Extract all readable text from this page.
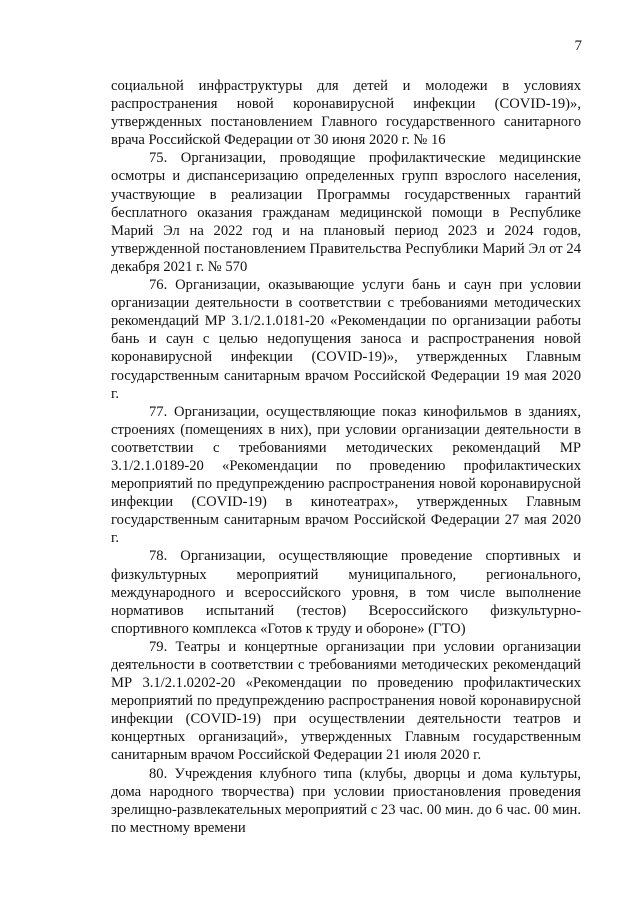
7

социальной инфраструктуры для детей и молодежи в условиях распространения новой коронавирусной инфекции (COVID-19)», утвержденных постановлением Главного государственного санитарного врача Российской Федерации от 30 июня 2020 г. № 16

75. Организации, проводящие профилактические медицинские осмотры и диспансеризацию определенных групп взрослого населения, участвующие в реализации Программы государственных гарантий бесплатного оказания гражданам медицинской помощи в Республике Марий Эл на 2022 год и на плановый период 2023 и 2024 годов, утвержденной постановлением Правительства Республики Марий Эл от 24 декабря 2021 г. № 570

76. Организации, оказывающие услуги бань и саун при условии организации деятельности в соответствии с требованиями методических рекомендаций МР 3.1/2.1.0181-20 «Рекомендации по организации работы бань и саун с целью недопущения заноса и распространения новой коронавирусной инфекции (COVID-19)», утвержденных Главным государственным санитарным врачом Российской Федерации 19 мая 2020 г.

77. Организации, осуществляющие показ кинофильмов в зданиях, строениях (помещениях в них), при условии организации деятельности в соответствии с требованиями методических рекомендаций МР 3.1/2.1.0189-20 «Рекомендации по проведению профилактических мероприятий по предупреждению распространения новой коронавирусной инфекции (COVID-19) в кинотеатрах», утвержденных Главным государственным санитарным врачом Российской Федерации 27 мая 2020 г.

78. Организации, осуществляющие проведение спортивных и физкультурных мероприятий муниципального, регионального, международного и всероссийского уровня, в том числе выполнение нормативов испытаний (тестов) Всероссийского физкультурно-спортивного комплекса «Готов к труду и обороне» (ГТО)

79. Театры и концертные организации при условии организации деятельности в соответствии с требованиями методических рекомендаций МР 3.1/2.1.0202-20 «Рекомендации по проведению профилактических мероприятий по предупреждению распространения новой коронавирусной инфекции (COVID-19) при осуществлении деятельности театров и концертных организаций», утвержденных Главным государственным санитарным врачом Российской Федерации 21 июля 2020 г.

80. Учреждения клубного типа (клубы, дворцы и дома культуры, дома народного творчества) при условии приостановления проведения зрелищно-развлекательных мероприятий с 23 час. 00 мин. до 6 час. 00 мин. по местному времени
